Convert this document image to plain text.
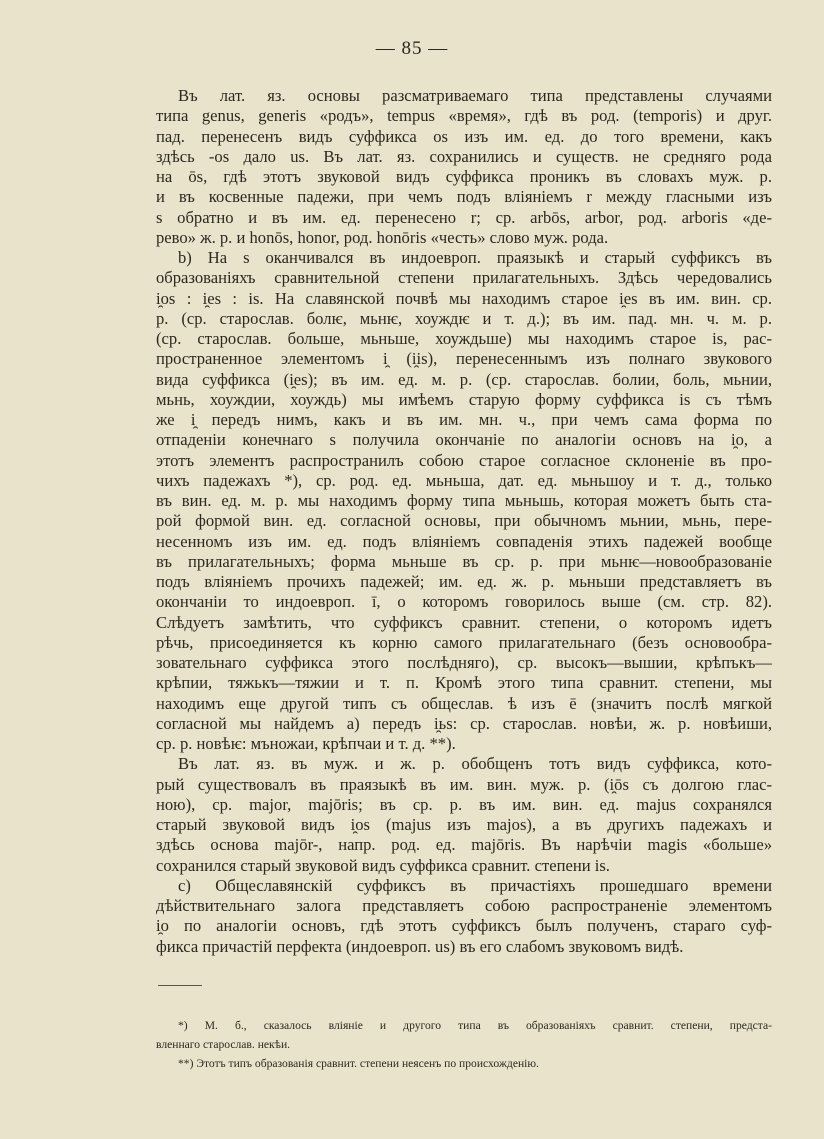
— 85 —
Въ лат. яз. основы разсматриваемаго типа представлены случаями
типа genus, generis «родъ», tempus «время», гдѣ въ род. (temporis) и друг.
пад. перенесенъ видъ суффикса os изъ им. ед. до того времени, какъ
здѣсь -os дало us. Въ лат. яз. сохранились и существ. не средняго рода
на ōs, гдѣ этотъ звуковой видъ суффикса проникъ въ словахъ муж. р.
и въ косвенные падежи, при чемъ подъ вліяніемъ r между гласными изъ
s обратно и въ им. ед. перенесено r; ср. arbōs, arbor, род. arboris «де-
рево» ж. р. и honōs, honor, род. honōris «честь» слово муж. рода.
b) На s оканчивался въ индоевроп. праязыкѣ и старый суффиксъ въ
образованіяхъ сравнительной степени прилагательныхъ. Здѣсь чередовались
i̯os : i̯es : is. На славянской почвѣ мы находимъ старое i̯es въ им. вин. ср.
р. (ср. старослав. болѥ, мьнѥ, хоуждѥ и т. д.); въ им. пад. мн. ч. м. р.
(ср. старослав. больше, мьньше, хоуждьше) мы находимъ старое is, рас-
пространенное элементомъ i̯ (i̯is), перенесеннымъ изъ полнаго звукового
вида суффикса (i̯es); въ им. ед. м. р. (ср. старослав. болии, боль, мьнии,
мьнь, хоуждии, хоуждь) мы имѣемъ старую форму суффикса is съ тѣмъ
же i̯ передъ нимъ, какъ и въ им. мн. ч., при чемъ сама форма по
отпаденіи конечнаго s получила окончаніе по аналогіи основъ на i̯o, а
этотъ элементъ распространилъ собою старое согласное склоненіе въ про-
чихъ падежахъ *), ср. род. ед. мьньша, дат. ед. мьньшоу и т. д., только
въ вин. ед. м. р. мы находимъ форму типа мьньшь, которая можетъ быть ста-
рой формой вин. ед. согласной основы, при обычномъ мьнии, мьнь, пере-
несенномъ изъ им. ед. подъ вліяніемъ совпаденія этихъ падежей вообще
въ прилагательныхъ; форма мьньше въ ср. р. при мьнѥ—новообразованіе
подъ вліяніемъ прочихъ падежей; им. ед. ж. р. мьньши представляетъ въ
окончаніи то индоевроп. ī, о которомъ говорилось выше (см. стр. 82).
Слѣдуетъ замѣтить, что суффиксъ сравнит. степени, о которомъ идетъ
рѣчь, присоединяется къ корню самого прилагательнаго (безъ основообра-
зовательнаго суффикса этого послѣдняго), ср. высокъ—вышии, крѣпъкъ—
крѣпии, тяжькъ—тяжии и т. п. Кромѣ этого типа сравнит. степени, мы
находимъ еще другой типъ съ общеслав. ѣ изъ ē (значитъ послѣ мягкой
согласной мы найдемъ а) передъ i̯ьs: ср. старослав. новѣи, ж. р. новѣиши,
ср. р. новѣѥ: мъножаи, крѣпчаи и т. д. **).
Въ лат. яз. въ муж. и ж. р. обобщенъ тотъ видъ суффикса, кото-
рый существовалъ въ праязыкѣ въ им. вин. муж. р. (i̯ōs съ долгою глас-
ною), ср. major, majōris; въ ср. р. въ им. вин. ед. majus сохранялся
старый звуковой видъ i̯os (majus изъ majos), а въ другихъ падежахъ и
здѣсь основа majōr-, напр. род. ед. majōris. Въ нарѣчіи magis «больше»
сохранился старый звуковой видъ суффикса сравнит. степени is.
c) Общеславянскій суффиксъ въ причастіяхъ прошедшаго времени
дѣйствительнаго залога представляетъ собою распространеніе элементомъ
i̯o по аналогіи основъ, гдѣ этотъ суффиксъ былъ полученъ, стараго суф-
фикса причастій перфекта (индоевроп. us) въ его слабомъ звуковомъ видѣ.
*) М. б., сказалось вліяніе и другого типа въ образованіяхъ сравнит. степени, предста-
вленнаго старослав. некѣи.
**) Этотъ типъ образованія сравнит. степени неясенъ по происхожденію.
